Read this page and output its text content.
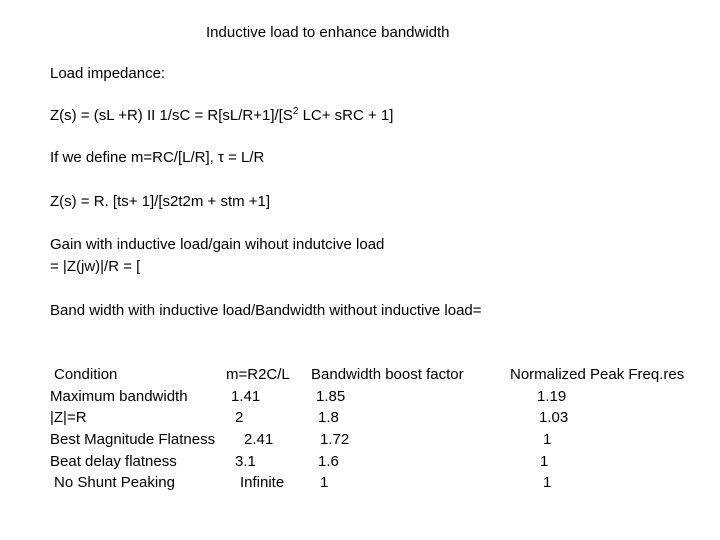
Inductive load to enhance bandwidth
Load impedance:
Z(s) = (sL +R) II $1/sC = R[sL/R+1]/[S^2$ LC+ sRC + 1]
If we define m=RC/[L/R], τ = L/R
Z(s) = R. [ts+ 1]/[s2t2m + stm +1]
Gain with inductive load/gain wihout indutcive load
= |Z(jw)|/R = [
Band width with inductive load/Bandwidth without inductive load=
Condition	m=R2C/L Bandwidth boost factor	Normalized Peak Freq.res
Maximum bandwidth	1.41	1.85	1.19
|Z|=R	2	1.8	1.03
Best Magnitude Flatness 2.41	1.72	1
Beat delay flatness	3.1	1.6	1
No Shunt Peaking	Infinite 1	1
